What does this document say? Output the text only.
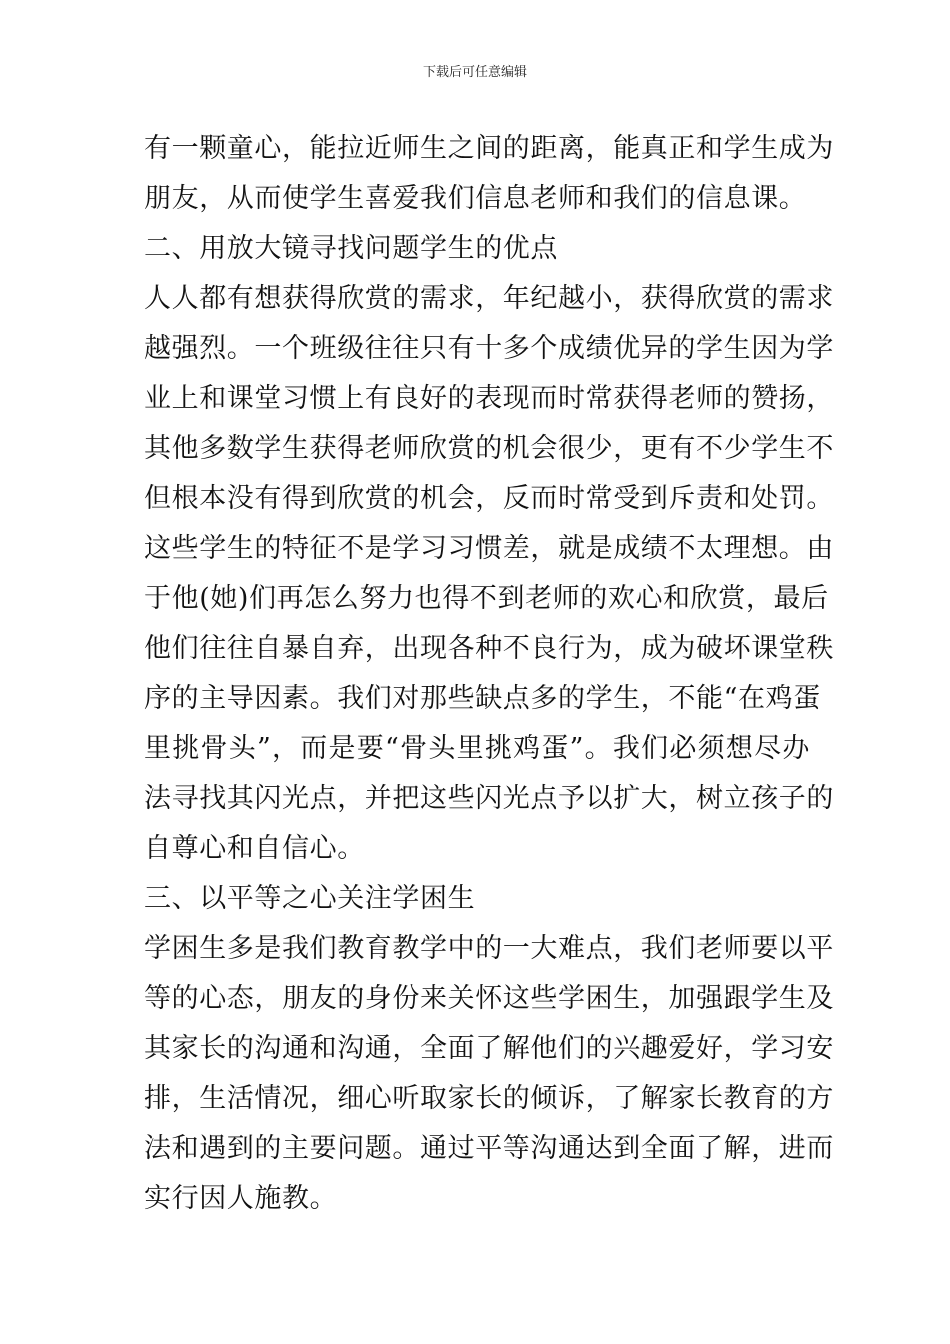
下载后可任意编辑
有一颗童心，能拉近师生之间的距离，能真正和学生成为
朋友，从而使学生喜爱我们信息老师和我们的信息课。
二、用放大镜寻找问题学生的优点
人人都有想获得欣赏的需求，年纪越小，获得欣赏的需求
越强烈。一个班级往往只有十多个成绩优异的学生因为学
业上和课堂习惯上有良好的表现而时常获得老师的赞扬，
其他多数学生获得老师欣赏的机会很少，更有不少学生不
但根本没有得到欣赏的机会，反而时常受到斥责和处罚。
这些学生的特征不是学习习惯差，就是成绩不太理想。由
于他(她)们再怎么努力也得不到老师的欢心和欣赏，最后
他们往往自暴自弃，出现各种不良行为，成为破坏课堂秩
序的主导因素。我们对那些缺点多的学生，不能“在鸡蛋
里挑骨头”，而是要“骨头里挑鸡蛋”。我们必须想尽办
法寻找其闪光点，并把这些闪光点予以扩大，树立孩子的
自尊心和自信心。
三、以平等之心关注学困生
学困生多是我们教育教学中的一大难点，我们老师要以平
等的心态，朋友的身份来关怀这些学困生，加强跟学生及
其家长的沟通和沟通，全面了解他们的兴趣爱好，学习安
排，生活情况，细心听取家长的倾诉，了解家长教育的方
法和遇到的主要问题。通过平等沟通达到全面了解，进而
实行因人施教。
